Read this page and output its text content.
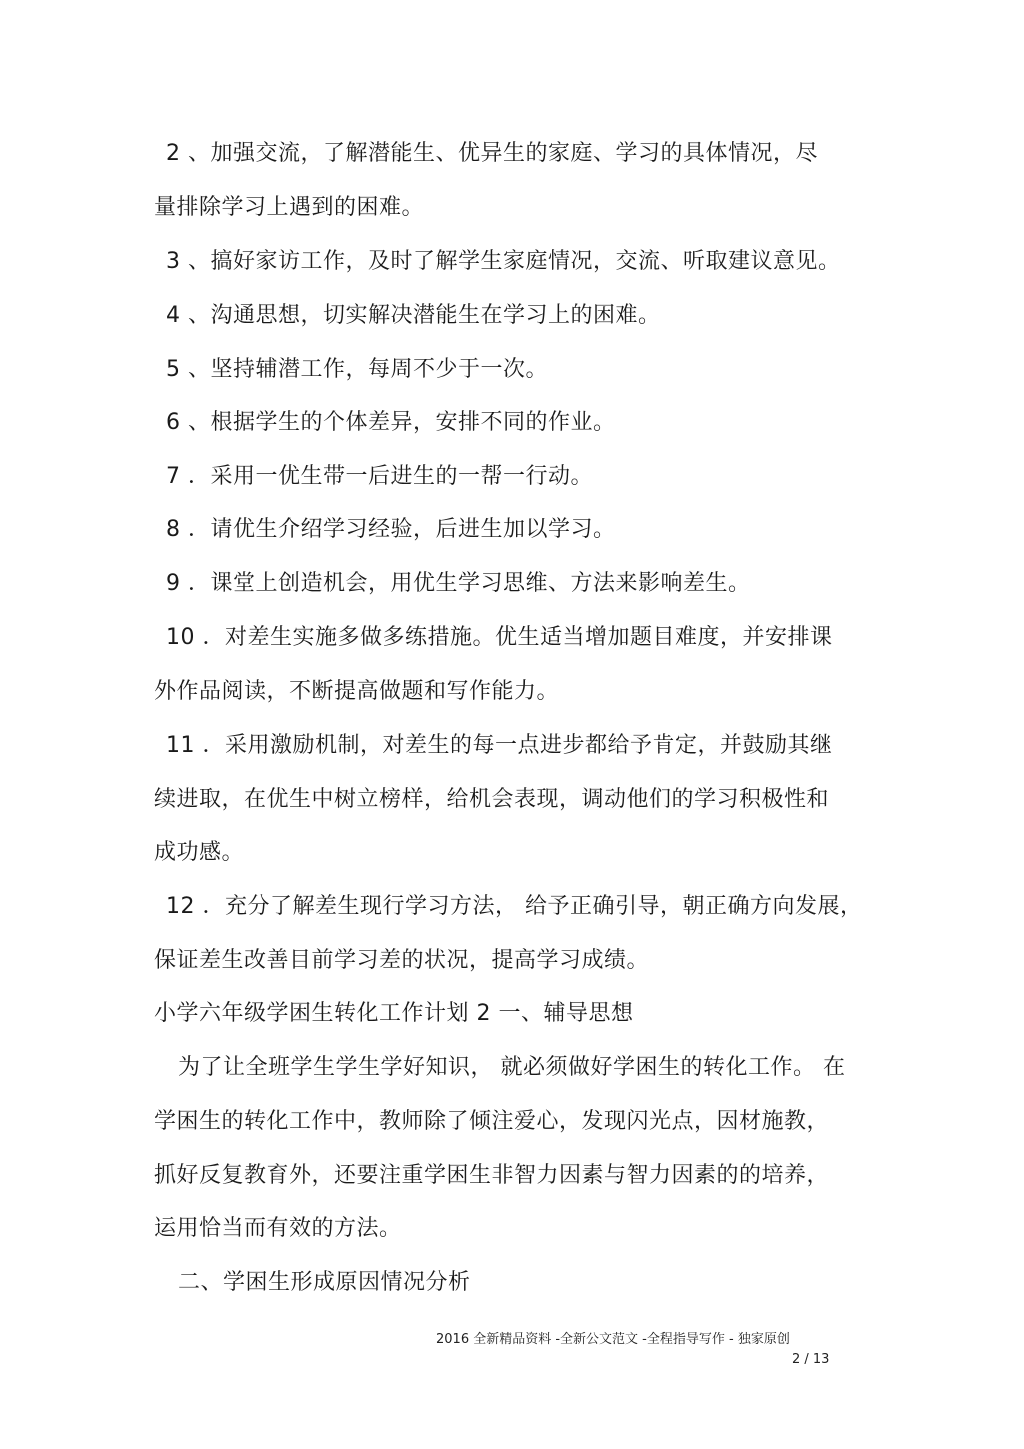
2 、加强交流，了解潜能生、优异生的家庭、学习的具体情况，尽
量排除学习上遇到的困难。
3 、搞好家访工作，及时了解学生家庭情况，交流、听取建议意见。
4 、沟通思想，切实解决潜能生在学习上的困难。
5 、坚持辅潜工作，每周不少于一次。
6 、根据学生的个体差异，安排不同的作业。
7 ．采用一优生带一后进生的一帮一行动。
8 ．请优生介绍学习经验，后进生加以学习。
9 ．课堂上创造机会，用优生学习思维、方法来影响差生。
10 ．对差生实施多做多练措施。优生适当增加题目难度，并安排课
外作品阅读，不断提高做题和写作能力。
11 ．采用激励机制，对差生的每一点进步都给予肯定，并鼓励其继
续进取，在优生中树立榜样，给机会表现，调动他们的学习积极性和
成功感。
12 ．充分了解差生现行学习方法， 给予正确引导，朝正确方向发展，
保证差生改善目前学习差的状况，提高学习成绩。
小学六年级学困生转化工作计划 2 一、辅导思想
为了让全班学生学生学好知识， 就必须做好学困生的转化工作。 在
学困生的转化工作中，教师除了倾注爱心，发现闪光点，因材施教，
抓好反复教育外，还要注重学困生非智力因素与智力因素的的培养，
运用恰当而有效的方法。
二、学困生形成原因情况分析
2016 全新精品资料 -全新公文范文 -全程指导写作 - 独家原创
2 / 13
